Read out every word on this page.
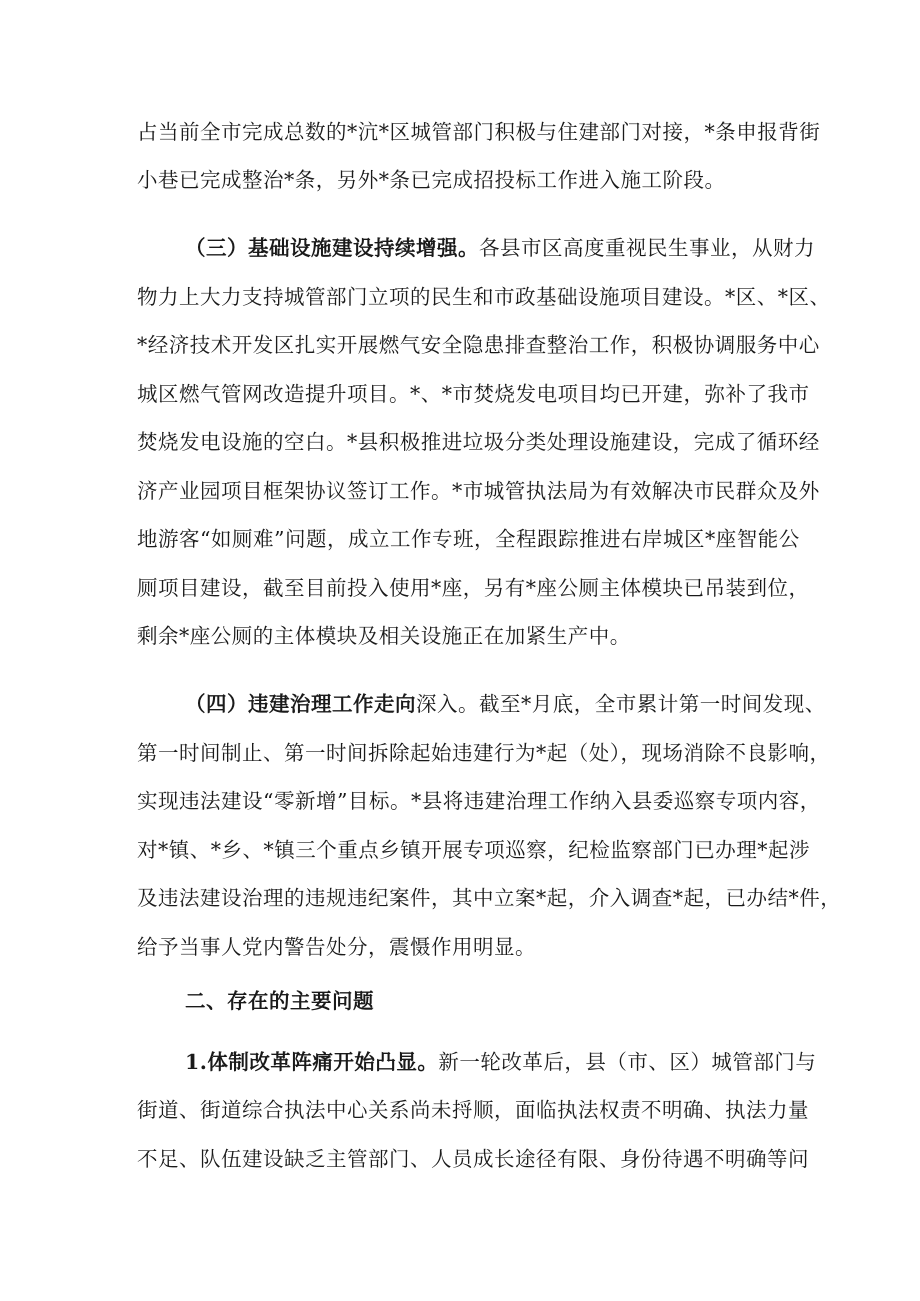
占当前全市完成总数的*沆*区城管部门积极与住建部门对接，*条申报背街
小巷已完成整治*条，另外*条已完成招投标工作进入施工阶段。
（三）基础设施建设持续增强。各县市区高度重视民生事业，从财力
物力上大力支持城管部门立项的民生和市政基础设施项目建设。*区、*区、
*经济技术开发区扎实开展燃气安全隐患排查整治工作，积极协调服务中心
城区燃气管网改造提升项目。*、*市焚烧发电项目均已开建，弥补了我市
焚烧发电设施的空白。*县积极推进垃圾分类处理设施建设，完成了循环经
济产业园项目框架协议签订工作。*市城管执法局为有效解决市民群众及外
地游客“如厕难”问题，成立工作专班，全程跟踪推进右岸城区*座智能公
厕项目建设，截至目前投入使用*座，另有*座公厕主体模块已吊装到位，
剩余*座公厕的主体模块及相关设施正在加紧生产中。
（四）违建治理工作走向深入。截至*月底，全市累计第一时间发现、
第一时间制止、第一时间拆除起始违建行为*起（处），现场消除不良影响，
实现违法建设“零新增”目标。*县将违建治理工作纳入县委巡察专项内容，
对*镇、*乡、*镇三个重点乡镇开展专项巡察，纪检监察部门已办理*起涉
及违法建设治理的违规违纪案件，其中立案*起，介入调查*起，已办结*件，
给予当事人党内警告处分，震慑作用明显。
二、存在的主要问题
1.体制改革阵痛开始凸显。新一轮改革后，县（市、区）城管部门与
街道、街道综合执法中心关系尚未捋顺，面临执法权责不明确、执法力量
不足、队伍建设缺乏主管部门、人员成长途径有限、身份待遇不明确等问
